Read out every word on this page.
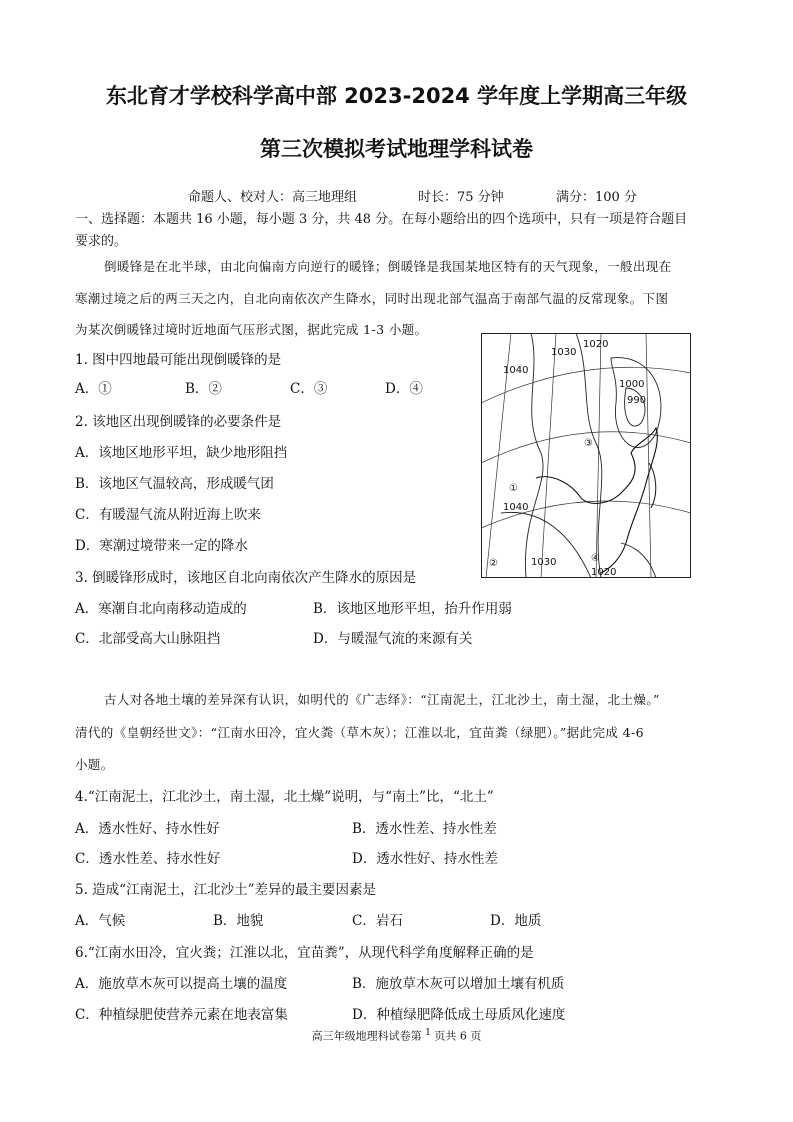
东北育才学校科学高中部 2023-2024 学年度上学期高三年级
第三次模拟考试地理学科试卷
命题人、校对人：高三地理组	时长：75 分钟	满分：100 分
一、选择题：本题共 16 小题，每小题 3 分，共 48 分。在每小题给出的四个选项中，只有一项是符合题目
要求的。
倒暖锋是在北半球，由北向偏南方向逆行的暖锋；倒暖锋是我国某地区特有的天气现象，一般出现在
寒潮过境之后的两三天之内，自北向南依次产生降水，同时出现北部气温高于南部气温的反常现象。下图
为某次倒暖锋过境时近地面气压形式图，据此完成 1-3 小题。
1. 图中四地最可能出现倒暖锋的是
A．①	B．②	C．③	D．④
2. 该地区出现倒暖锋的必要条件是
A．该地区地形平坦，缺少地形阻挡
B．该地区气温较高，形成暖气团
C．有暖湿气流从附近海上吹来
D．寒潮过境带来一定的降水
3. 倒暖锋形成时，该地区自北向南依次产生降水的原因是
A．寒潮自北向南移动造成的	B．该地区地形平坦，抬升作用弱
C．北部受高大山脉阻挡	D．与暖湿气流的来源有关
1030
1020
1040
1000
990
1040
1030
1020
①
②
③
④
古人对各地土壤的差异深有认识，如明代的《广志绎》：“江南泥土，江北沙土，南土湿，北土燥。”
清代的《皇朝经世文》：“江南水田冷，宜火粪（草木灰）；江淮以北，宜苗粪（绿肥）。”据此完成 4-6
小题。
4.“江南泥土，江北沙土，南土湿，北土燥”说明，与“南土”比，“北土”
A．透水性好、持水性好	B．透水性差、持水性差
C．透水性差、持水性好	D．透水性好、持水性差
5. 造成“江南泥土，江北沙土”差异的最主要因素是
A．气候	B．地貌	C．岩石	D．地质
6.“江南水田冷，宜火粪；江淮以北，宜苗粪”，从现代科学角度解释正确的是
A．施放草木灰可以提高土壤的温度	B．施放草木灰可以增加土壤有机质
C．种植绿肥使营养元素在地表富集	D．种植绿肥降低成土母质风化速度
高三年级地理科试卷第 $^1$ 页共 6 页
